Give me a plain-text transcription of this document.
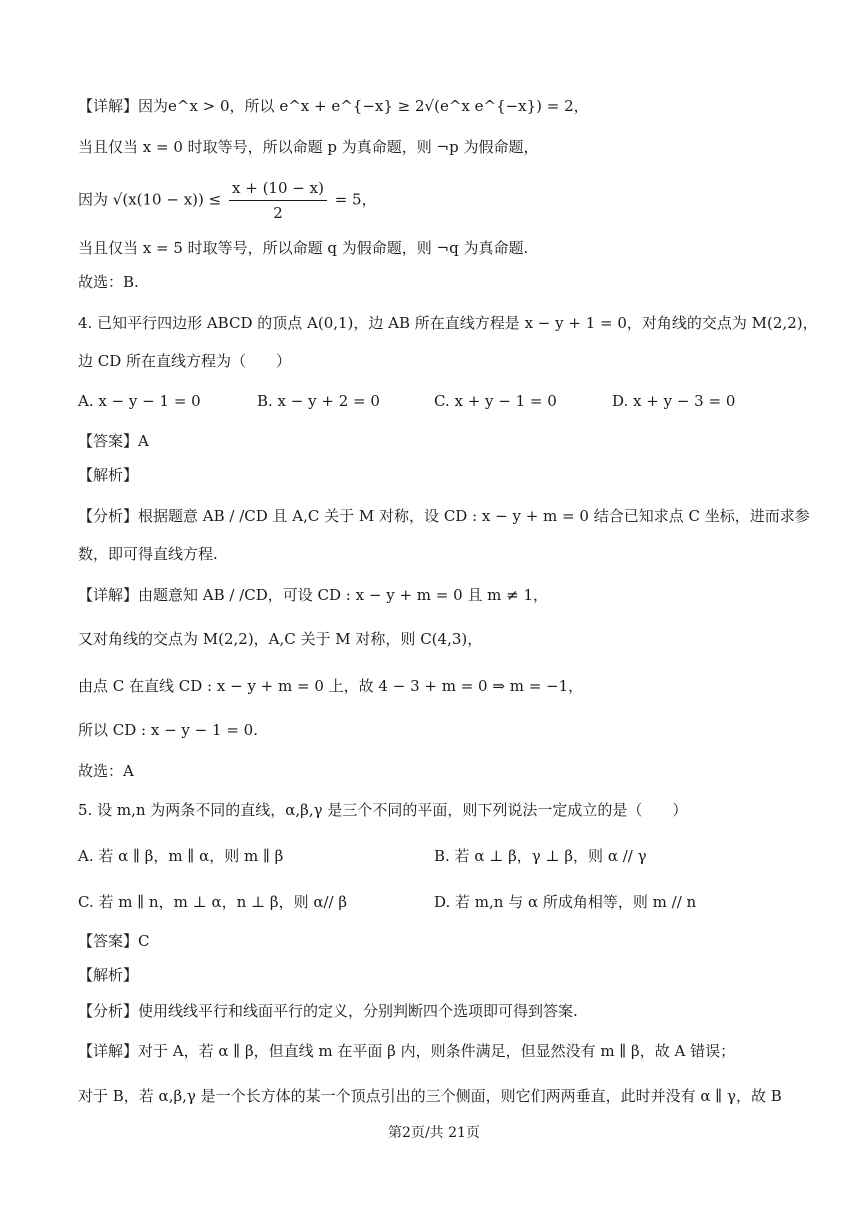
【详解】因为e^x > 0，所以 e^x + e^{−x} ≥ 2√(e^x e^{−x}) = 2，
当且仅当 x = 0 时取等号，所以命题 p 为真命题，则 ¬p 为假命题，
因为 $√(x(10 - x)) \le \frac{x + (10 - x)}{2} = 5$，
当且仅当 x = 5 时取等号，所以命题 q 为假命题，则 ¬q 为真命题.
故选：B.
4. 已知平行四边形 ABCD 的顶点 A(0,1)，边 AB 所在直线方程是 x − y + 1 = 0，对角线的交点为 M(2,2)，
边 CD 所在直线方程为（　　）
A. x − y − 1 = 0	B. x − y + 2 = 0	C. x + y − 1 = 0	D. x + y − 3 = 0
【答案】A
【解析】
【分析】根据题意 AB / /CD 且 A,C 关于 M 对称，设 CD : x − y + m = 0 结合已知求点 C 坐标，进而求参
数，即可得直线方程.
【详解】由题意知 AB / /CD，可设 CD : x − y + m = 0 且 m ≠ 1，
又对角线的交点为 M(2,2)，A,C 关于 M 对称，则 C(4,3)，
由点 C 在直线 CD : x − y + m = 0 上，故 4 − 3 + m = 0 ⇒ m = −1，
所以 CD : x − y − 1 = 0.
故选：A
5. 设 m,n 为两条不同的直线，α,β,γ 是三个不同的平面，则下列说法一定成立的是（　　）
A. 若 α ∥ β，m ∥ α，则 m ∥ β	B. 若 α ⊥ β，γ ⊥ β，则 α // γ
C. 若 m ∥ n，m ⊥ α，n ⊥ β，则 α// β	D. 若 m,n 与 α 所成角相等，则 m // n
【答案】C
【解析】
【分析】使用线线平行和线面平行的定义，分别判断四个选项即可得到答案.
【详解】对于 A，若 α ∥ β，但直线 m 在平面 β 内，则条件满足，但显然没有 m ∥ β，故 A 错误；
对于 B，若 α,β,γ 是一个长方体的某一个顶点引出的三个侧面，则它们两两垂直，此时并没有 α ∥ γ，故 B
第2页/共 21页
